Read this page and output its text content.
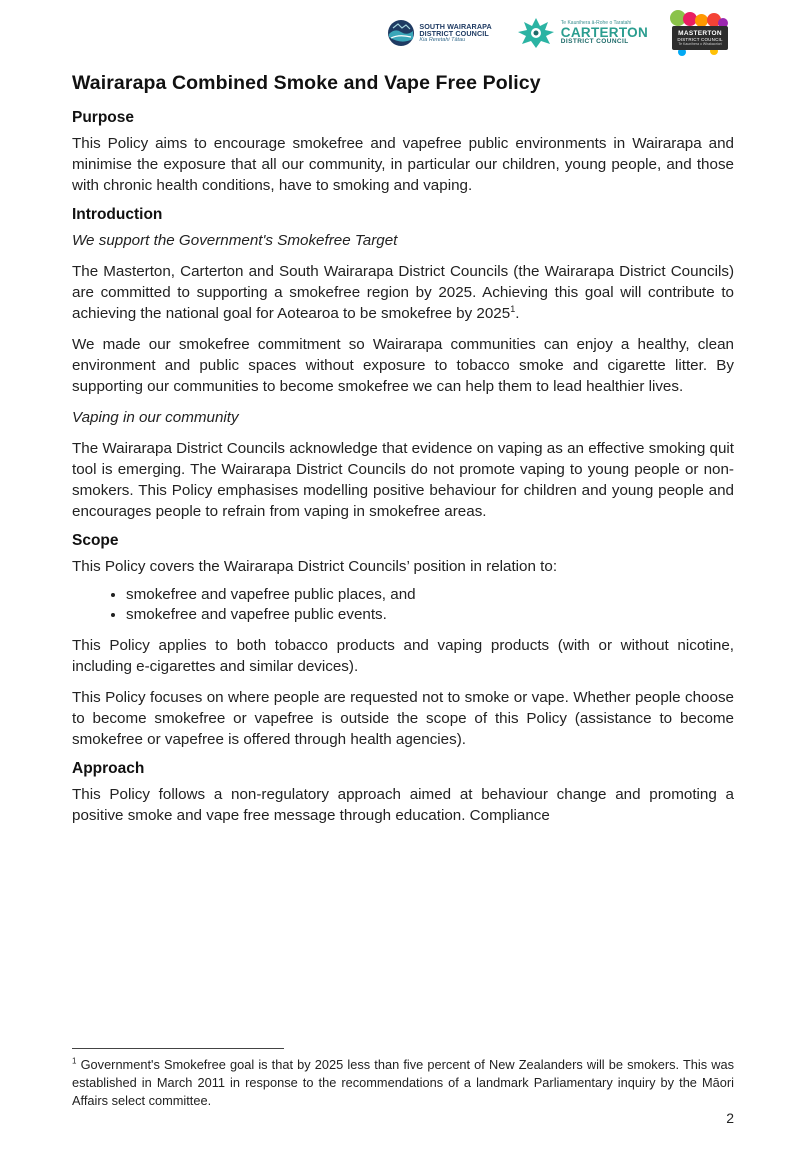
SOUTH WAIRARAPA
DISTRICT COUNCIL
Kia Reretahi Tātau
Te Kaunihera ā-Rohe o Taratahi
CARTERTON
DISTRICT COUNCIL
MASTERTON
DISTRICT COUNCIL
Te Kaunihera o Whakaoriori
Wairarapa Combined Smoke and Vape Free Policy
Purpose

This Policy aims to encourage smokefree and vapefree public environments in Wairarapa and minimise the exposure that all our community, in particular our children, young people, and those with chronic health conditions, have to smoking and vaping.

Introduction

We support the Government's Smokefree Target

The Masterton, Carterton and South Wairarapa District Councils (the Wairarapa District Councils) are committed to supporting a smokefree region by 2025. Achieving this goal will contribute to achieving the national goal for Aotearoa to be smokefree by 2025$^1$.

We made our smokefree commitment so Wairarapa communities can enjoy a healthy, clean environment and public spaces without exposure to tobacco smoke and cigarette litter. By supporting our communities to become smokefree we can help them to lead healthier lives.

Vaping in our community

The Wairarapa District Councils acknowledge that evidence on vaping as an effective smoking quit tool is emerging. The Wairarapa District Councils do not promote vaping to young people or non-smokers. This Policy emphasises modelling positive behaviour for children and young people and encourages people to refrain from vaping in smokefree areas.

Scope

This Policy covers the Wairarapa District Councils’ position in relation to:

• smokefree and vapefree public places, and
• smokefree and vapefree public events.

This Policy applies to both tobacco products and vaping products (with or without nicotine, including e-cigarettes and similar devices).

This Policy focuses on where people are requested not to smoke or vape. Whether people choose to become smokefree or vapefree is outside the scope of this Policy (assistance to become smokefree or vapefree is offered through health agencies).

Approach

This Policy follows a non-regulatory approach aimed at behaviour change and promoting a positive smoke and vape free message through education. Compliance

$^1$ Government's Smokefree goal is that by 2025 less than five percent of New Zealanders will be smokers. This was established in March 2011 in response to the recommendations of a landmark Parliamentary inquiry by the Māori Affairs select committee.
2
